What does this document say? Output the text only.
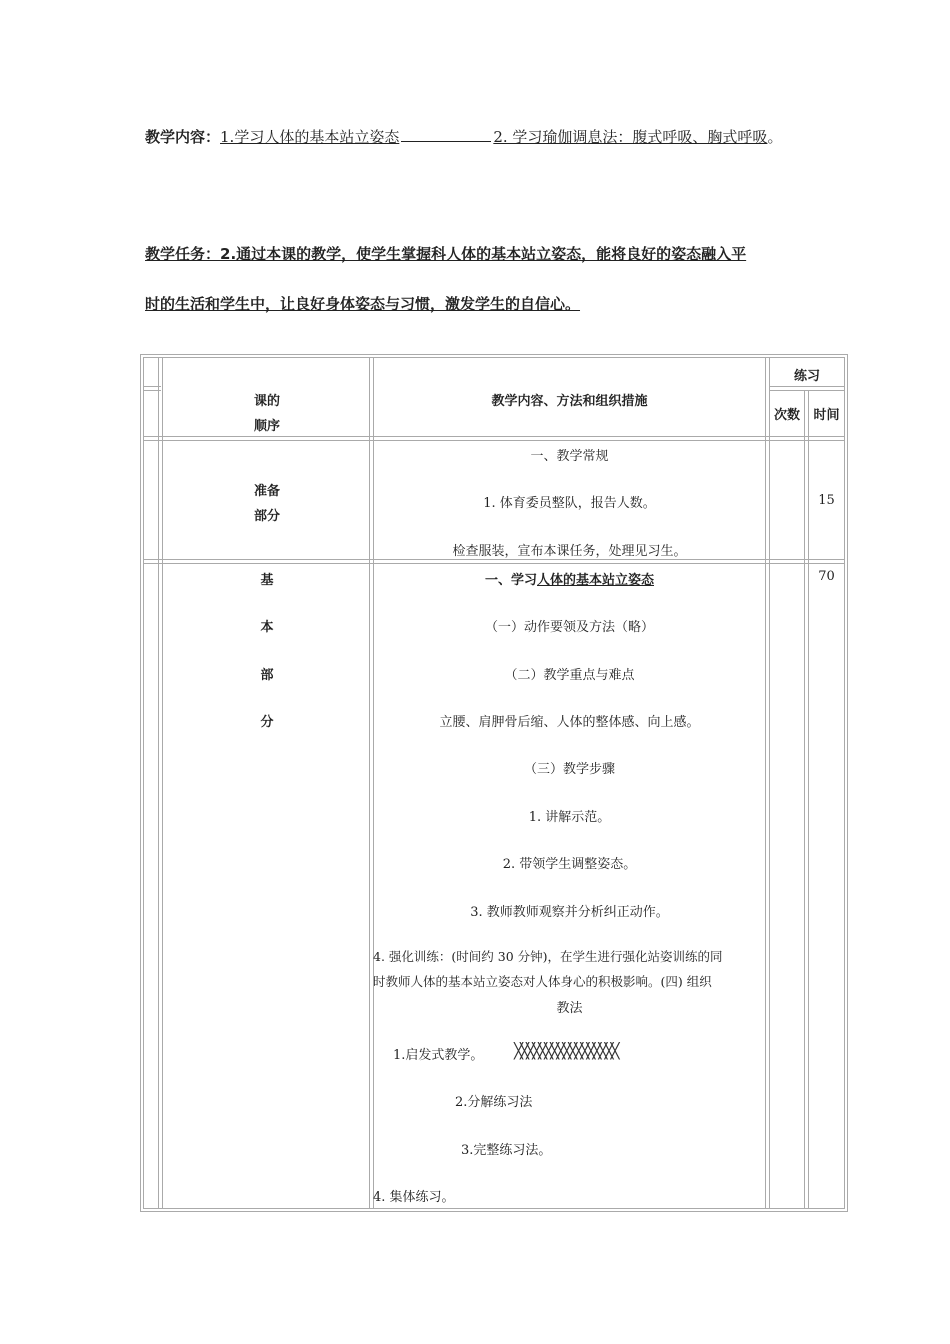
教学内容：1.学习人体的基本站立姿态	2. 学习瑜伽调息法：腹式呼吸、胸式呼吸。
教学任务：2.通过本课的教学，使学生掌握科人体的基本站立姿态，能将良好的姿态融入平
时的生活和学生中，让良好身体姿态与习惯，激发学生的自信心。
课的
顺序
教学内容、方法和组织措施
练习
次数	时间
准备
部分
一、教学常规
1. 体育委员整队，报告人数。
检查服装，宣布本课任务，处理见习生。
15
基
本
部
分
70
一、学习人体的基本站立姿态
（一）动作要领及方法（略）
（二）教学重点与难点
立腰、肩胛骨后缩、人体的整体感、向上感。
（三）教学步骤
1. 讲解示范。
2. 带领学生调整姿态。
3. 教师教师观察并分析纠正动作。
4. 强化训练：(时间约 30 分钟)，在学生进行强化站姿训练的同
时教师人体的基本站立姿态对人体身心的积极影响。(四) 组织
教法
1.启发式教学。 ╳╳╳╳╳╳╳╳╳╳╳╳╳╳╳╳╳
2.分解练习法
3.完整练习法。
4. 集体练习。
